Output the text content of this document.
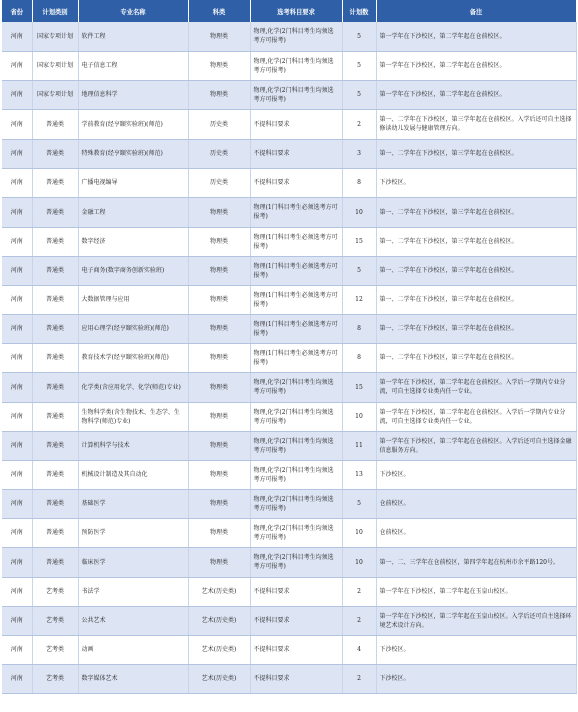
省份	计划类别	专业名称	科类	选考科目要求	计划数	备注
河南	国家专项计划	软件工程	物理类	物理,化学(2门科目考生均须选考方可报考)	5	第一学年在下沙校区，第二学年起在仓前校区。
河南	国家专项计划	电子信息工程	物理类	物理,化学(2门科目考生均须选考方可报考)	5	第一学年在下沙校区，第二学年起在仓前校区。
河南	国家专项计划	地理信息科学	物理类	物理,化学(2门科目考生均须选考方可报考)	5	第一学年在下沙校区，第二学年起在仓前校区。
河南	普通类	学前教育(经亨颐实验班)(师范)	历史类	不提科目要求	2	第一、二学年在下沙校区，第三学年起在仓前校区。入学后还可自主选择修读幼儿发展与健康管理方向。
河南	普通类	特殊教育(经亨颐实验班)(师范)	历史类	不提科目要求	3	第一、二学年在下沙校区，第三学年起在仓前校区。
河南	普通类	广播电视编导	历史类	不提科目要求	8	下沙校区。
河南	普通类	金融工程	物理类	物理(1门科目考生必须选考方可报考)	10	第一、二学年在下沙校区，第三学年起在仓前校区。
河南	普通类	数字经济	物理类	物理(1门科目考生必须选考方可报考)	15	第一、二学年在下沙校区，第三学年起在仓前校区。
河南	普通类	电子商务(数字商务创新实验班)	物理类	物理(1门科目考生必须选考方可报考)	5	第一、二学年在下沙校区，第三学年起在仓前校区。
河南	普通类	大数据管理与应用	物理类	物理(1门科目考生必须选考方可报考)	12	第一、二学年在下沙校区，第三学年起在仓前校区。
河南	普通类	应用心理学(经亨颐实验班)(师范)	物理类	物理(1门科目考生必须选考方可报考)	8	第一、二学年在下沙校区，第三学年起在仓前校区。
河南	普通类	教育技术学(经亨颐实验班)(师范)	物理类	物理(1门科目考生必须选考方可报考)	8	第一、二学年在下沙校区，第三学年起在仓前校区。
河南	普通类	化学类(含应用化学、化学(师范)专业)	物理类	物理,化学(2门科目考生均须选考方可报考)	15	第一学年在下沙校区，第二学年起在仓前校区。入学后一学期内专业分流，可自主选择专业类内任一专业。
河南	普通类	生物科学类(含生物技术、生态学、生物科学(师范)专业)	物理类	物理,化学(2门科目考生均须选考方可报考)	10	第一学年在下沙校区，第二学年起在仓前校区。入学后一学期内专业分流，可自主选择专业类内任一专业。
河南	普通类	计算机科学与技术	物理类	物理,化学(2门科目考生均须选考方可报考)	11	第一学年在下沙校区，第二学年起在仓前校区。入学后还可自主选择金融信息服务方向。
河南	普通类	机械设计制造及其自动化	物理类	物理,化学(2门科目考生均须选考方可报考)	13	下沙校区。
河南	普通类	基础医学	物理类	物理,化学(2门科目考生均须选考方可报考)	5	仓前校区。
河南	普通类	预防医学	物理类	物理,化学(2门科目考生均须选考方可报考)	10	仓前校区。
河南	普通类	临床医学	物理类	物理,化学(2门科目考生均须选考方可报考)	10	第一、二、三学年在仓前校区，第四学年起在杭州市余平路120号。
河南	艺考类	书法学	艺术(历史类)	不提科目要求	2	第一学年在下沙校区，第二学年起在玉皇山校区。
河南	艺考类	公共艺术	艺术(历史类)	不提科目要求	2	第一学年在下沙校区，第二学年起在玉皇山校区。入学后还可自主选择环境艺术设计方向。
河南	艺考类	动画	艺术(历史类)	不提科目要求	4	下沙校区。
河南	艺考类	数字媒体艺术	艺术(历史类)	不提科目要求	2	下沙校区。
